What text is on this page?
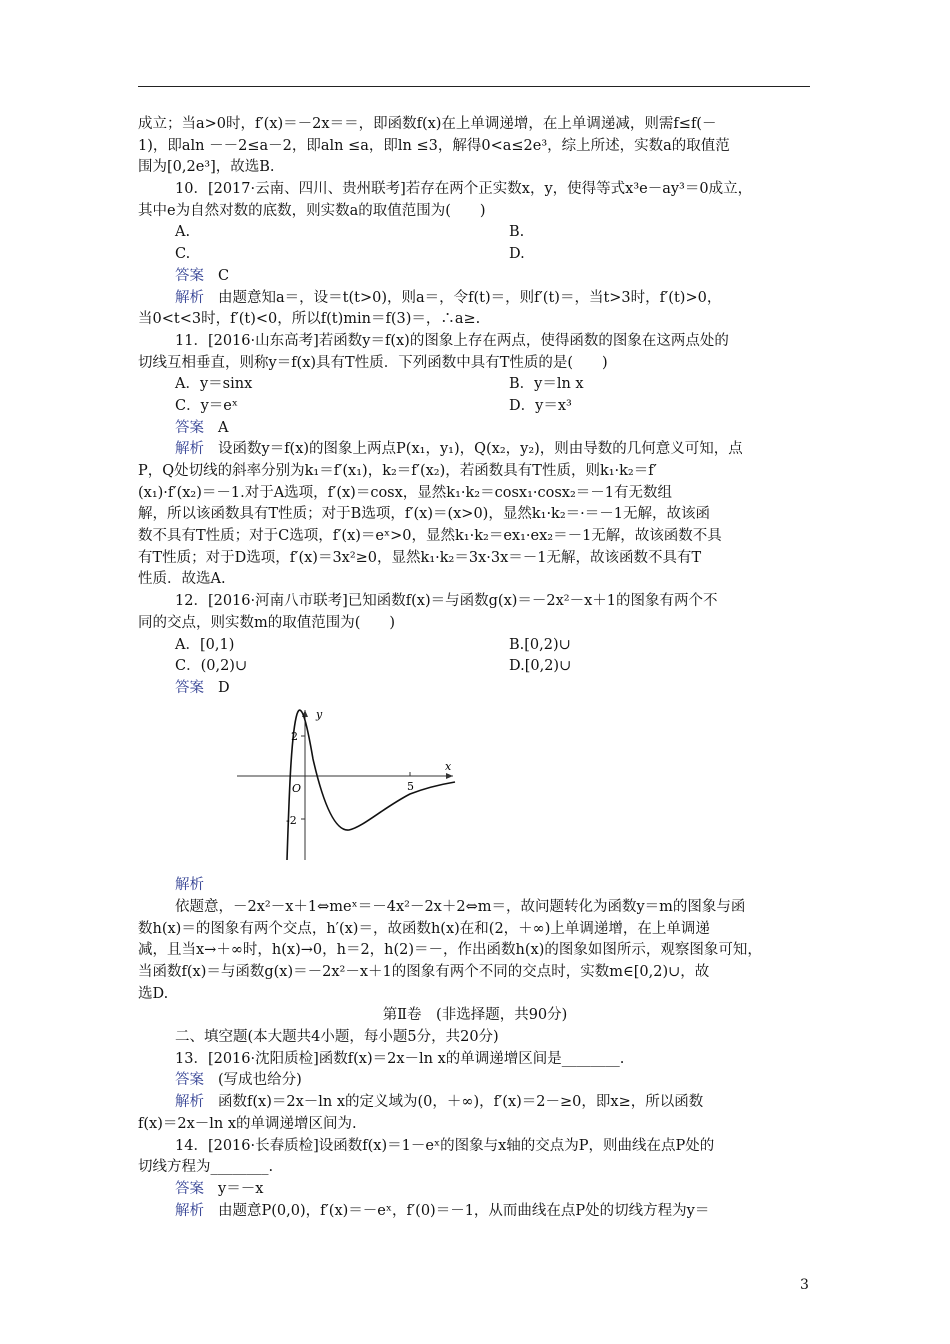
成立；当a>0时，f′(x)＝－2x＝＝，即函数f(x)在上单调递增，在上单调递减，则需f≤f(－
1)，即aln －－2≤a－2，即aln ≤a，即ln ≤3，解得0<a≤2e³，综上所述，实数a的取值范
围为[0,2e³]，故选B.
10．[2017·云南、四川、贵州联考]若存在两个正实数x，y，使得等式x³e－ay³＝0成立，
其中e为自然对数的底数，则实数a的取值范围为(　　)
A.	B.
C.	D.
答案 C
解析 由题意知a＝，设＝t(t>0)，则a＝，令f(t)＝，则f′(t)＝，当t>3时，f′(t)>0，
当0<t<3时，f′(t)<0，所以f(t)min＝f(3)＝，∴a≥.
11．[2016·山东高考]若函数y＝f(x)的图象上存在两点，使得函数的图象在这两点处的
切线互相垂直，则称y＝f(x)具有T性质．下列函数中具有T性质的是(　　)
A．y＝sinx	B．y＝ln x
C．y＝eˣ	D．y＝x³
答案 A
解析 设函数y＝f(x)的图象上两点P(x₁，y₁)，Q(x₂，y₂)，则由导数的几何意义可知，点
P，Q处切线的斜率分别为k₁＝f′(x₁)，k₂＝f′(x₂)，若函数具有T性质，则k₁·k₂＝f′
(x₁)·f′(x₂)＝－1.对于A选项，f′(x)＝cosx，显然k₁·k₂＝cosx₁·cosx₂＝－1有无数组
解，所以该函数具有T性质；对于B选项，f′(x)＝(x>0)，显然k₁·k₂＝·＝－1无解，故该函
数不具有T性质；对于C选项，f′(x)＝eˣ>0，显然k₁·k₂＝ex₁·ex₂＝－1无解，故该函数不具
有T性质；对于D选项，f′(x)＝3x²≥0，显然k₁·k₂＝3x·3x＝－1无解，故该函数不具有T
性质．故选A.
12．[2016·河南八市联考]已知函数f(x)＝与函数g(x)＝－2x²－x＋1的图象有两个不
同的交点，则实数m的取值范围为(　　)
A．[0,1)	B.[0,2)∪
C．(0,2)∪	D.[0,2)∪
答案 D
y
x
O
2
-2
5
解析
依题意，－2x²－x＋1⇔meˣ＝－4x²－2x＋2⇔m＝，故问题转化为函数y＝m的图象与函
数h(x)＝的图象有两个交点，h′(x)＝，故函数h(x)在和(2，＋∞)上单调递增，在上单调递
减，且当x→＋∞时，h(x)→0，h＝2，h(2)＝－，作出函数h(x)的图象如图所示，观察图象可知，
当函数f(x)＝与函数g(x)＝－2x²－x＋1的图象有两个不同的交点时，实数m∈[0,2)∪，故
选D.
第Ⅱ卷　(非选择题，共90分)
二、填空题(本大题共4小题，每小题5分，共20分)
13．[2016·沈阳质检]函数f(x)＝2x－ln x的单调递增区间是________.
答案 (写成也给分)
解析 函数f(x)＝2x－ln x的定义域为(0，＋∞)，f′(x)＝2－≥0，即x≥，所以函数
f(x)＝2x－ln x的单调递增区间为.
14．[2016·长春质检]设函数f(x)＝1－eˣ的图象与x轴的交点为P，则曲线在点P处的
切线方程为________.
答案 y＝－x
解析 由题意P(0,0)，f′(x)＝－eˣ，f′(0)＝－1，从而曲线在点P处的切线方程为y＝
3
